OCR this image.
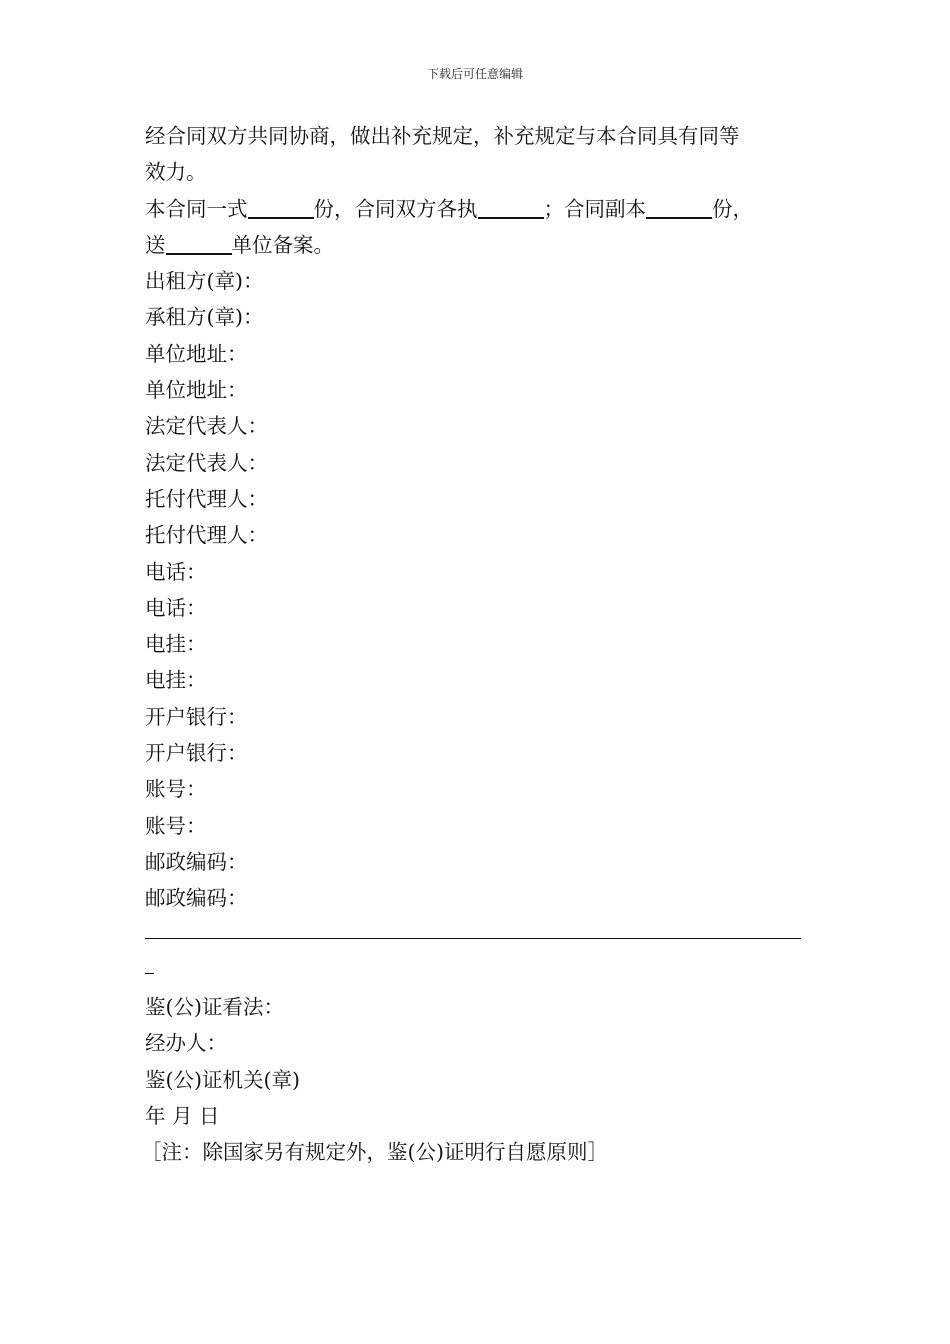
下载后可任意编辑
经合同双方共同协商，做出补充规定，补充规定与本合同具有同等
效力。
本合同一式	份，合同双方各执	；合同副本	份，
送	单位备案。
出租方(章)：
承租方(章)：
单位地址：
单位地址：
法定代表人：
法定代表人：
托付代理人：
托付代理人：
电话：
电话：
电挂：
电挂：
开户银行：
开户银行：
账号：
账号：
邮政编码：
邮政编码：
鉴(公)证看法：
经办人：
鉴(公)证机关(章)
年 月 日
［注：除国家另有规定外，鉴(公)证明行自愿原则］
